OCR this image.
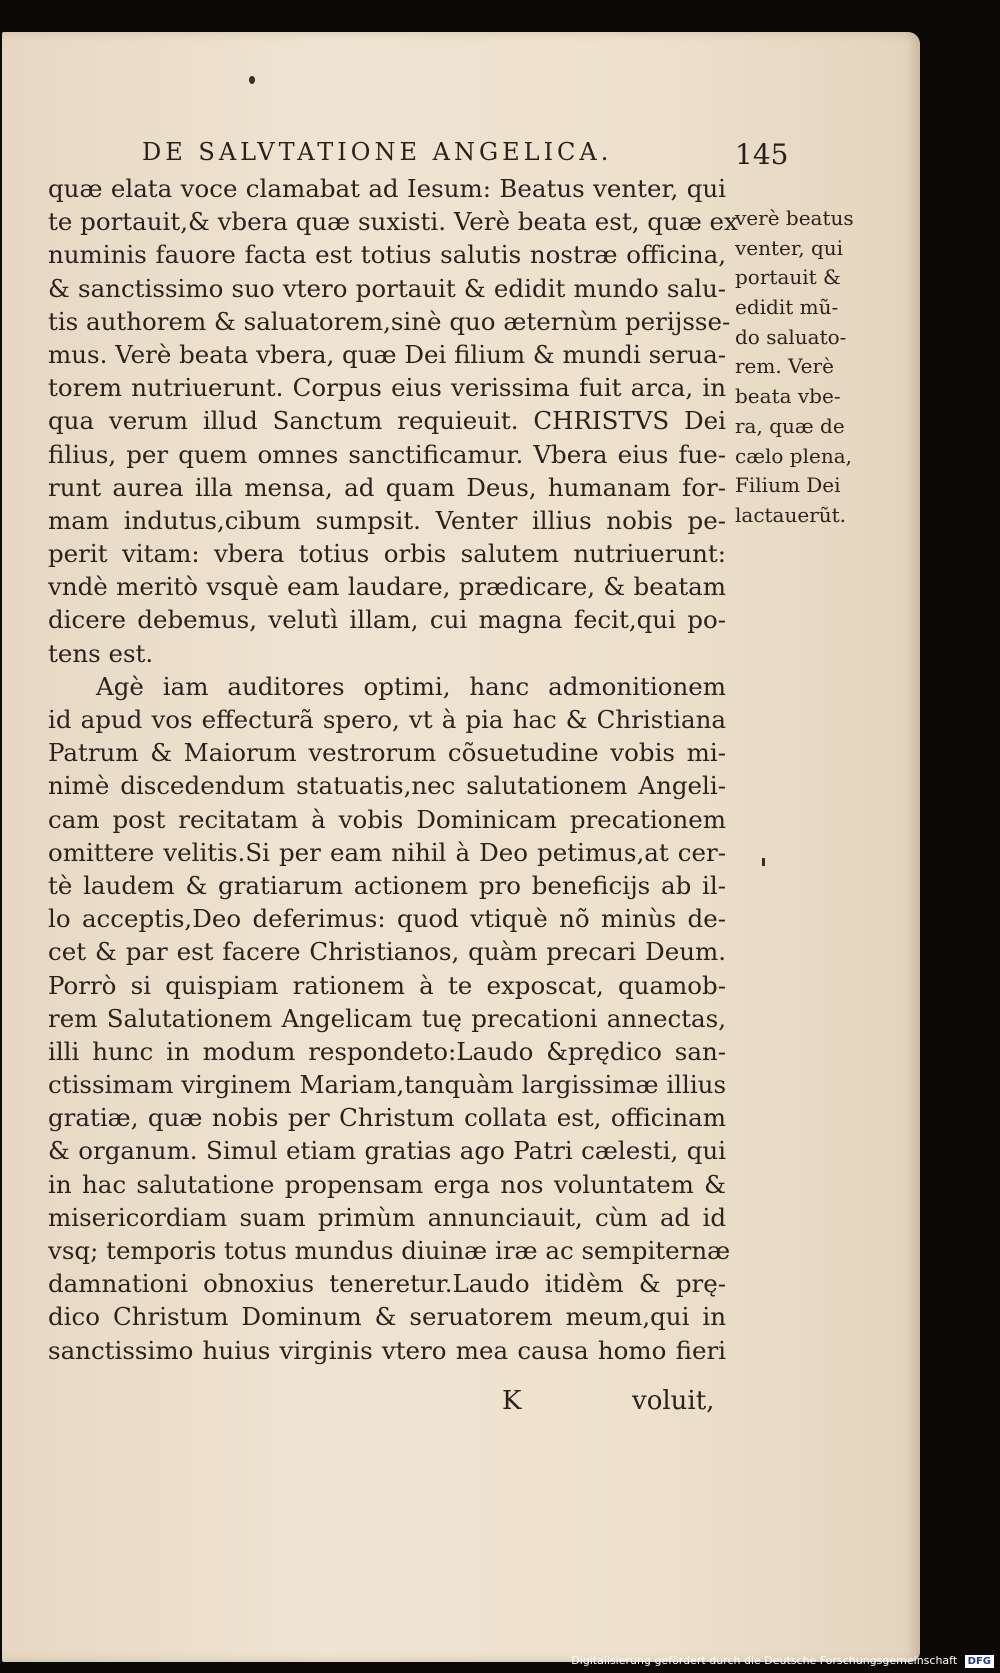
DE SALVTATIONE ANGELICA.	145
quæ elata voce clamabat ad Iesum: Beatus venter, qui
te portauit,& vbera quæ suxisti. Verè beata est, quæ ex
numinis fauore facta est totius salutis nostræ officina,
& sanctissimo suo vtero portauit & edidit mundo salu-
tis authorem & saluatorem,sinè quo æternùm perijsse-
mus. Verè beata vbera, quæ Dei filium & mundi serua-
torem nutriuerunt. Corpus eius verissima fuit arca, in
qua verum illud Sanctum requieuit. CHRISTVS Dei
filius, per quem omnes sanctificamur. Vbera eius fue-
runt aurea illa mensa, ad quam Deus, humanam for-
mam indutus,cibum sumpsit. Venter illius nobis pe-
perit vitam: vbera totius orbis salutem nutriuerunt:
vndè meritò vsquè eam laudare, prædicare, & beatam
dicere debemus, velutì illam, cui magna fecit,qui po-
tens est.
Agè iam auditores optimi, hanc admonitionem
id apud vos effecturã spero, vt à pia hac & Christiana
Patrum & Maiorum vestrorum cõsuetudine vobis mi-
nimè discedendum statuatis,nec salutationem Angeli-
cam post recitatam à vobis Dominicam precationem
omittere velitis.Si per eam nihil à Deo petimus,at cer-
tè laudem & gratiarum actionem pro beneficijs ab il-
lo acceptis,Deo deferimus: quod vtiquè nõ minùs de-
cet & par est facere Christianos, quàm precari Deum.
Porrò si quispiam rationem à te exposcat, quamob-
rem Salutationem Angelicam tuę precationi annectas,
illi hunc in modum respondeto:Laudo &prędico san-
ctissimam virginem Mariam,tanquàm largissimæ illius
gratiæ, quæ nobis per Christum collata est, officinam
& organum. Simul etiam gratias ago Patri cælesti, qui
in hac salutatione propensam erga nos voluntatem &
misericordiam suam primùm annunciauit, cùm ad id
vsq; temporis totus mundus diuinæ iræ ac sempiternæ
damnationi obnoxius teneretur.Laudo itidèm & prę-
dico Christum Dominum & seruatorem meum,qui in
sanctissimo huius virginis vtero mea causa homo fieri
verè beatus
venter, qui
portauit &
edidit mũ-
do saluato-
rem. Verè
beata vbe-
ra, quæ de
cælo plena,
Filium Dei
lactauerũt.
K	voluit,
Digitalisierung gefördert durch die Deutsche Forschungsgemeinschaft DFG
